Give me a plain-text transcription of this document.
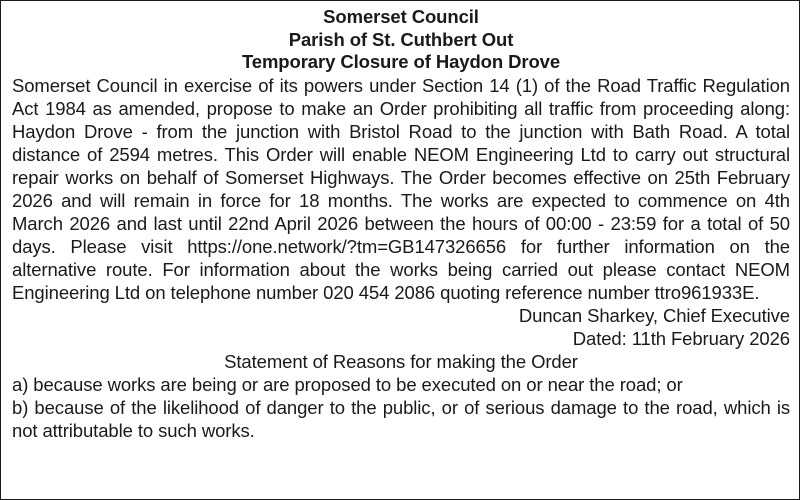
Somerset Council

Parish of St. Cuthbert Out

Temporary Closure of Haydon Drove

Somerset Council in exercise of its powers under Section 14 (1) of the Road Traffic Regulation Act 1984 as amended, propose to make an Order prohibiting all traffic from proceeding along: Haydon Drove - from the junction with Bristol Road to the junction with Bath Road. A total distance of 2594 metres. This Order will enable NEOM Engineering Ltd to carry out structural repair works on behalf of Somerset Highways. The Order becomes effective on 25th February 2026 and will remain in force for 18 months. The works are expected to commence on 4th March 2026 and last until 22nd April 2026 between the hours of 00:00 - 23:59 for a total of 50 days. Please visit https://one.network/?tm=GB147326656 for further information on the alternative route. For information about the works being carried out please contact NEOM Engineering Ltd on telephone number 020 454 2086 quoting reference number ttro961933E.

Duncan Sharkey, Chief Executive

Dated: 11th February 2026

Statement of Reasons for making the Order

a) because works are being or are proposed to be executed on or near the road; or

b) because of the likelihood of danger to the public, or of serious damage to the road, which is not attributable to such works.
